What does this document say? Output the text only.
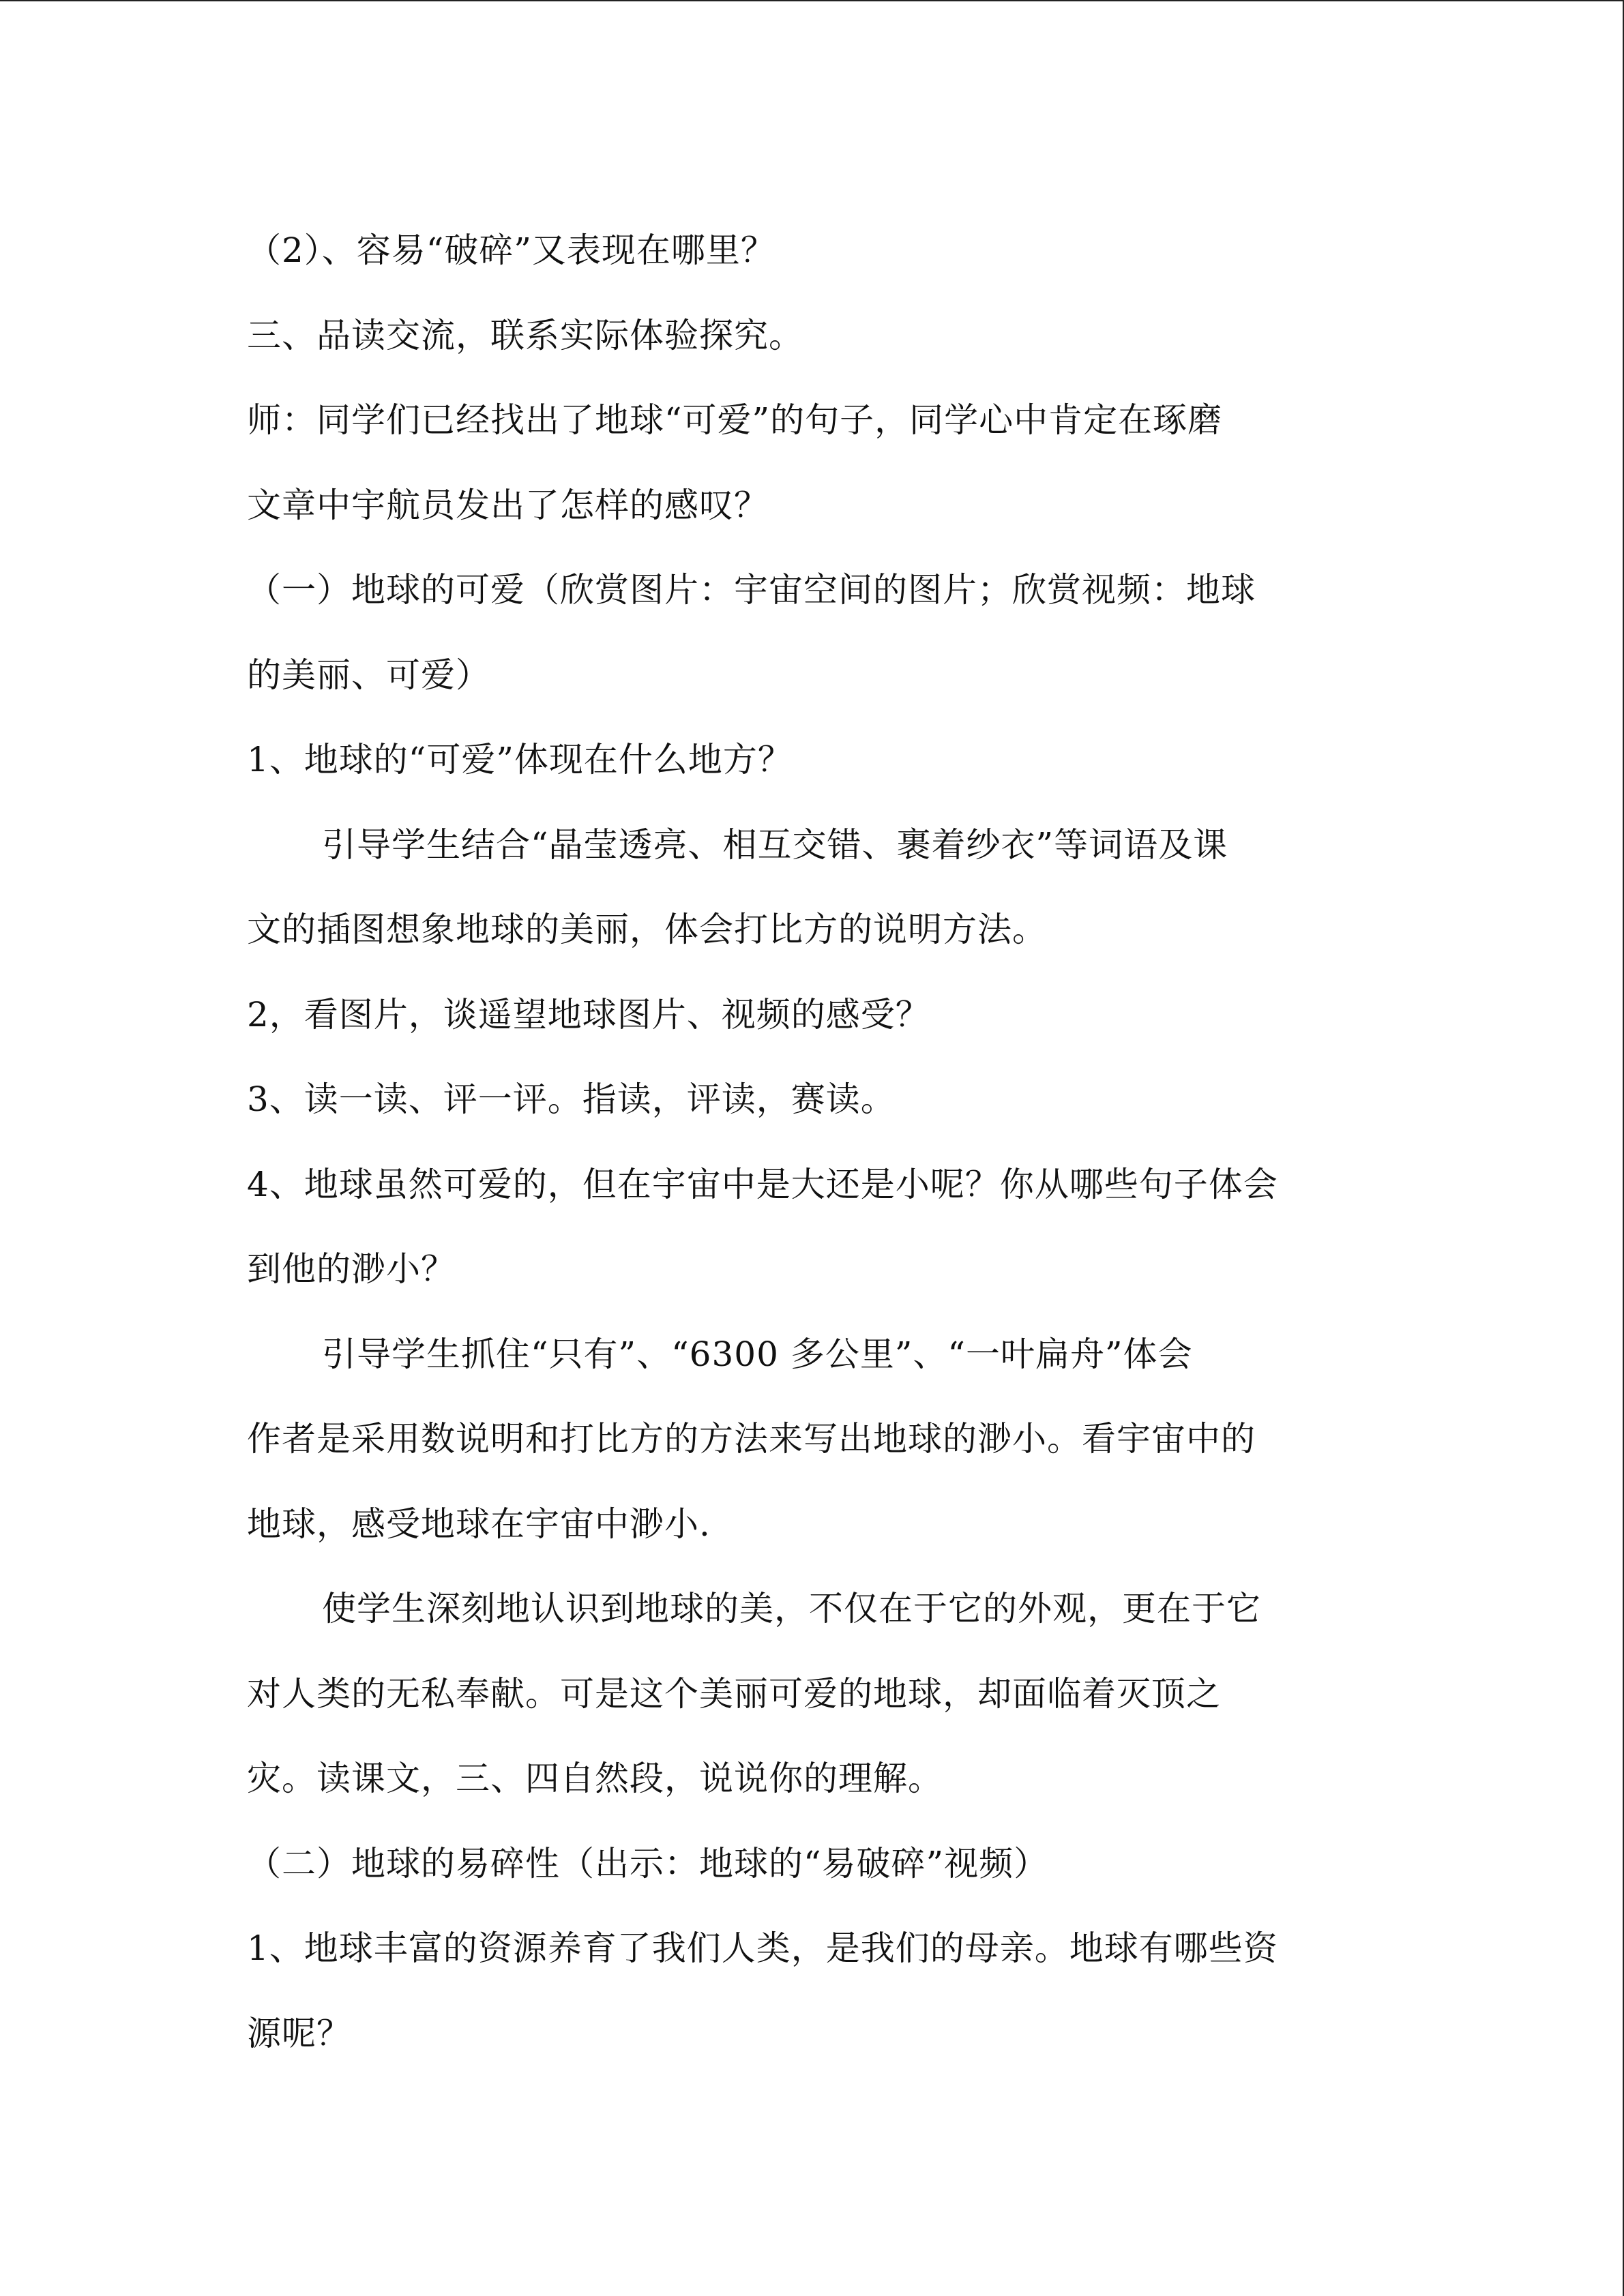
（2）、容易“破碎”又表现在哪里？
三、品读交流，联系实际体验探究。
师：同学们已经找出了地球“可爱”的句子，同学心中肯定在琢磨
文章中宇航员发出了怎样的感叹？
（一）地球的可爱（欣赏图片：宇宙空间的图片；欣赏视频：地球
的美丽、可爱）
1、地球的“可爱”体现在什么地方？
引导学生结合“晶莹透亮、相互交错、裹着纱衣”等词语及课
文的插图想象地球的美丽，体会打比方的说明方法。
2，看图片，谈遥望地球图片、视频的感受？
3、读一读、评一评。指读，评读，赛读。
4、地球虽然可爱的，但在宇宙中是大还是小呢？你从哪些句子体会
到他的渺小？
引导学生抓住“只有”、“6300 多公里”、“一叶扁舟”体会
作者是采用数说明和打比方的方法来写出地球的渺小。看宇宙中的
地球，感受地球在宇宙中渺小.
使学生深刻地认识到地球的美，不仅在于它的外观，更在于它
对人类的无私奉献。可是这个美丽可爱的地球，却面临着灭顶之
灾。读课文，三、四自然段，说说你的理解。
（二）地球的易碎性（出示：地球的“易破碎”视频）
1、地球丰富的资源养育了我们人类，是我们的母亲。地球有哪些资
源呢？
